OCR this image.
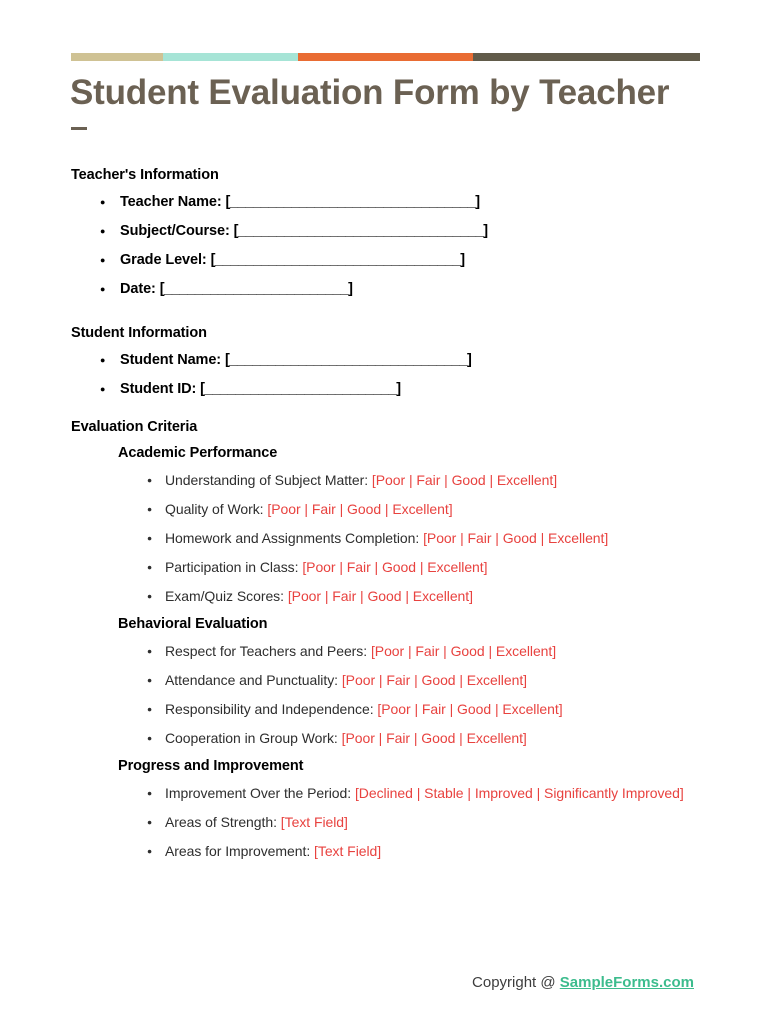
Student Evaluation Form by Teacher
Teacher's Information
● Teacher Name: [________________________________]
● Subject/Course: [________________________________]
● Grade Level: [________________________________]
● Date: [________________________]
Student Information
● Student Name: [_______________________________]
● Student ID: [_________________________]
Evaluation Criteria
Academic Performance
● Understanding of Subject Matter: [Poor | Fair | Good | Excellent]
● Quality of Work: [Poor | Fair | Good | Excellent]
● Homework and Assignments Completion: [Poor | Fair | Good | Excellent]
● Participation in Class: [Poor | Fair | Good | Excellent]
● Exam/Quiz Scores: [Poor | Fair | Good | Excellent]
Behavioral Evaluation
● Respect for Teachers and Peers: [Poor | Fair | Good | Excellent]
● Attendance and Punctuality: [Poor | Fair | Good | Excellent]
● Responsibility and Independence: [Poor | Fair | Good | Excellent]
● Cooperation in Group Work: [Poor | Fair | Good | Excellent]
Progress and Improvement
● Improvement Over the Period: [Declined | Stable | Improved | Significantly Improved]
● Areas of Strength: [Text Field]
● Areas for Improvement: [Text Field]
Copyright @ SampleForms.com
